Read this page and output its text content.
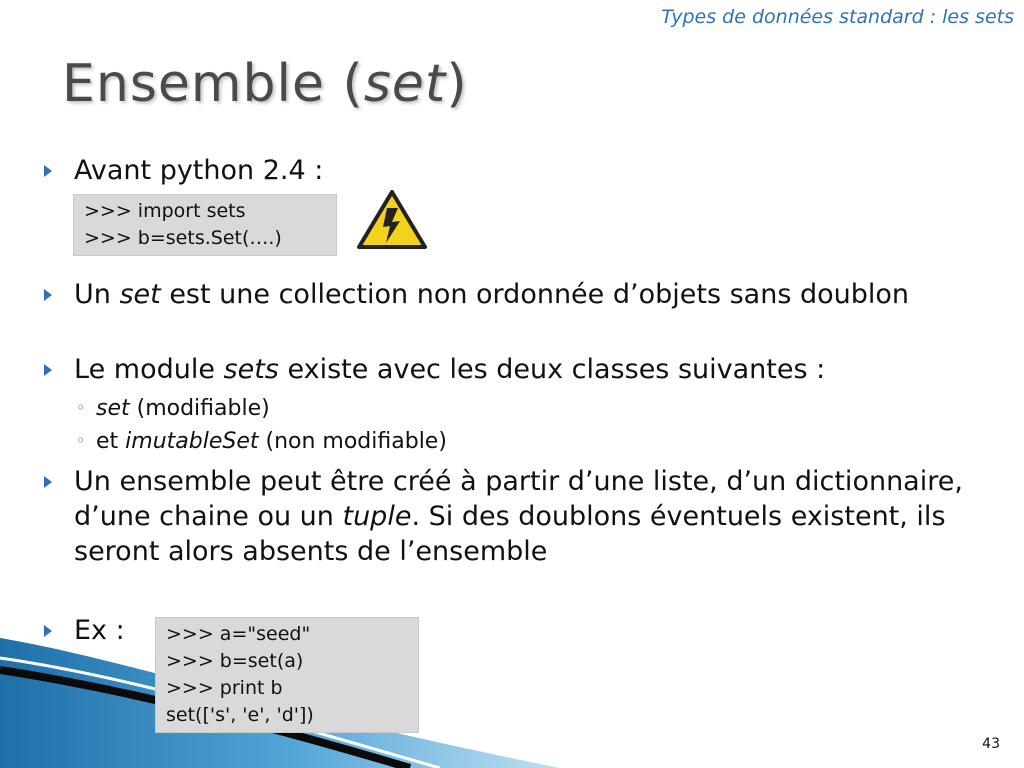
Types de données standard : les sets
Ensemble (set)
Avant python 2.4 :
>>> import sets
>>> b=sets.Set(….)
Un set est une collection non ordonnée d’objets sans doublon
Le module sets existe avec les deux classes suivantes :
◦ set (modifiable)
◦ et imutableSet (non modifiable)
Un ensemble peut être créé à partir d’une liste, d’un dictionnaire, d’une chaine ou un tuple. Si des doublons éventuels existent, ils seront alors absents de l’ensemble
Ex :	>>> a="seed"
>>> b=set(a)
>>> print b
set(['s', 'e', 'd'])
43
